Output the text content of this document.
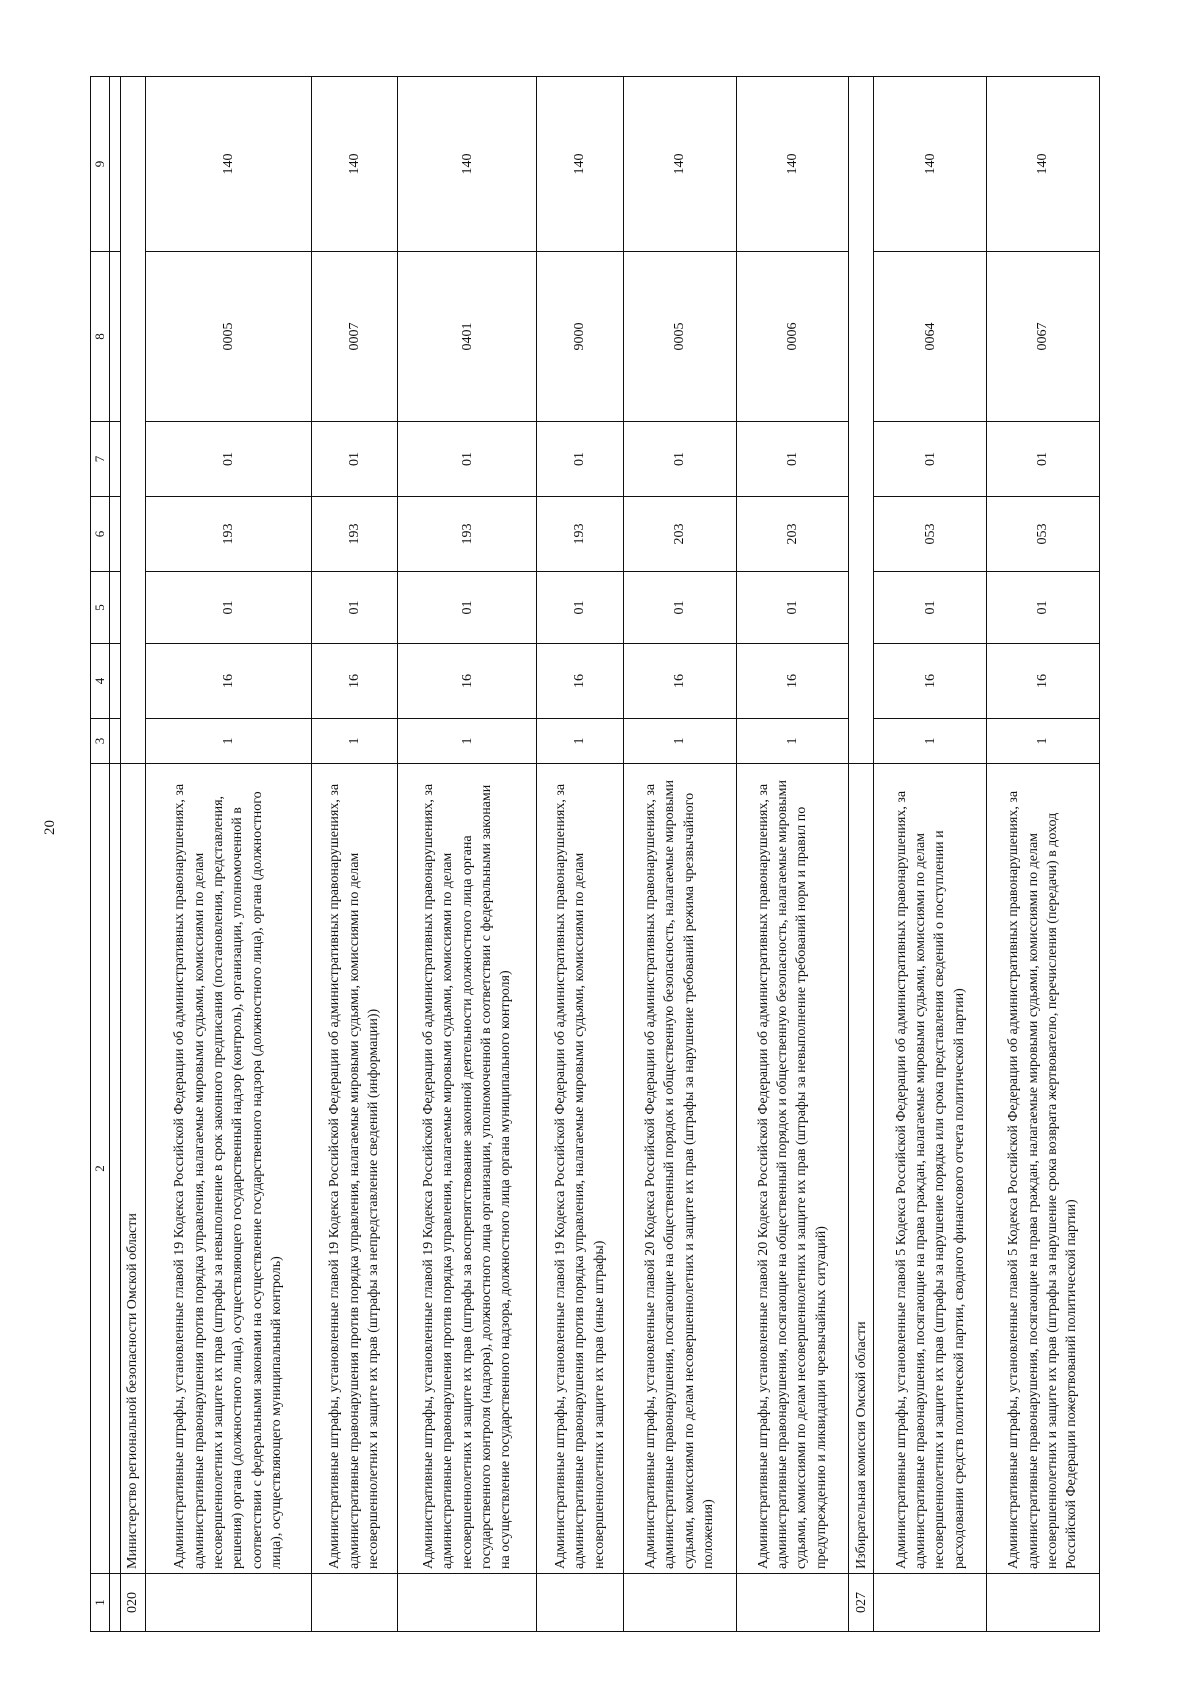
20
1	2	3	4	5	6	7	8	9

020	Министерство региональной безопасности Омской области							
	Административные штрафы, установленные главой 19 Кодекса Российской Федерации об административных правонарушениях, за административные правонарушения против порядка управления, налагаемые мировыми судьями, комиссиями по делам несовершеннолетних и защите их прав (штрафы за невыполнение в срок законного предписания (постановления, представления, решения) органа (должностного лица), осуществляющего государственный надзор (контроль), организации, уполномоченной в соответствии с федеральными законами на осуществление государственного надзора (должностного лица), органа (должностного лица), осуществляющего муниципальный контроль)	1	16	01	193	01	0005	140
	Административные штрафы, установленные главой 19 Кодекса Российской Федерации об административных правонарушениях, за административные правонарушения против порядка управления, налагаемые мировыми судьями, комиссиями по делам несовершеннолетних и защите их прав (штрафы за непредставление сведений (информации))	1	16	01	193	01	0007	140
	Административные штрафы, установленные главой 19 Кодекса Российской Федерации об административных правонарушениях, за административные правонарушения против порядка управления, налагаемые мировыми судьями, комиссиями по делам несовершеннолетних и защите их прав (штрафы за воспрепятствование законной деятельности должностного лица органа государственного контроля (надзора), должностного лица организации, уполномоченной в соответствии с федеральными законами на осуществление государственного надзора, должностного лица органа муниципального контроля)	1	16	01	193	01	0401	140
	Административные штрафы, установленные главой 19 Кодекса Российской Федерации об административных правонарушениях, за административные правонарушения против порядка управления, налагаемые мировыми судьями, комиссиями по делам несовершеннолетних и защите их прав (иные штрафы)	1	16	01	193	01	9000	140
	Административные штрафы, установленные главой 20 Кодекса Российской Федерации об административных правонарушениях, за административные правонарушения, посягающие на общественный порядок и общественную безопасность, налагаемые мировыми судьями, комиссиями по делам несовершеннолетних и защите их прав (штрафы за нарушение требований режима чрезвычайного положения)	1	16	01	203	01	0005	140
	Административные штрафы, установленные главой 20 Кодекса Российской Федерации об административных правонарушениях, за административные правонарушения, посягающие на общественный порядок и общественную безопасность, налагаемые мировыми судьями, комиссиями по делам несовершеннолетних и защите их прав (штрафы за невыполнение требований норм и правил по предупреждению и ликвидации чрезвычайных ситуаций)	1	16	01	203	01	0006	140
027	Избирательная комиссия Омской области							
	Административные штрафы, установленные главой 5 Кодекса Российской Федерации об административных правонарушениях, за административные правонарушения, посягающие на права граждан, налагаемые мировыми судьями, комиссиями по делам несовершеннолетних и защите их прав (штрафы за нарушение порядка или срока представления сведений о поступлении и расходовании средств политической партии, сводного финансового отчета политической партии)	1	16	01	053	01	0064	140
	Административные штрафы, установленные главой 5 Кодекса Российской Федерации об административных правонарушениях, за административные правонарушения, посягающие на права граждан, налагаемые мировыми судьями, комиссиями по делам несовершеннолетних и защите их прав (штрафы за нарушение срока возврата жертвователю, перечисления (передачи) в доход Российской Федерации пожертвований политической партии)	1	16	01	053	01	0067	140
